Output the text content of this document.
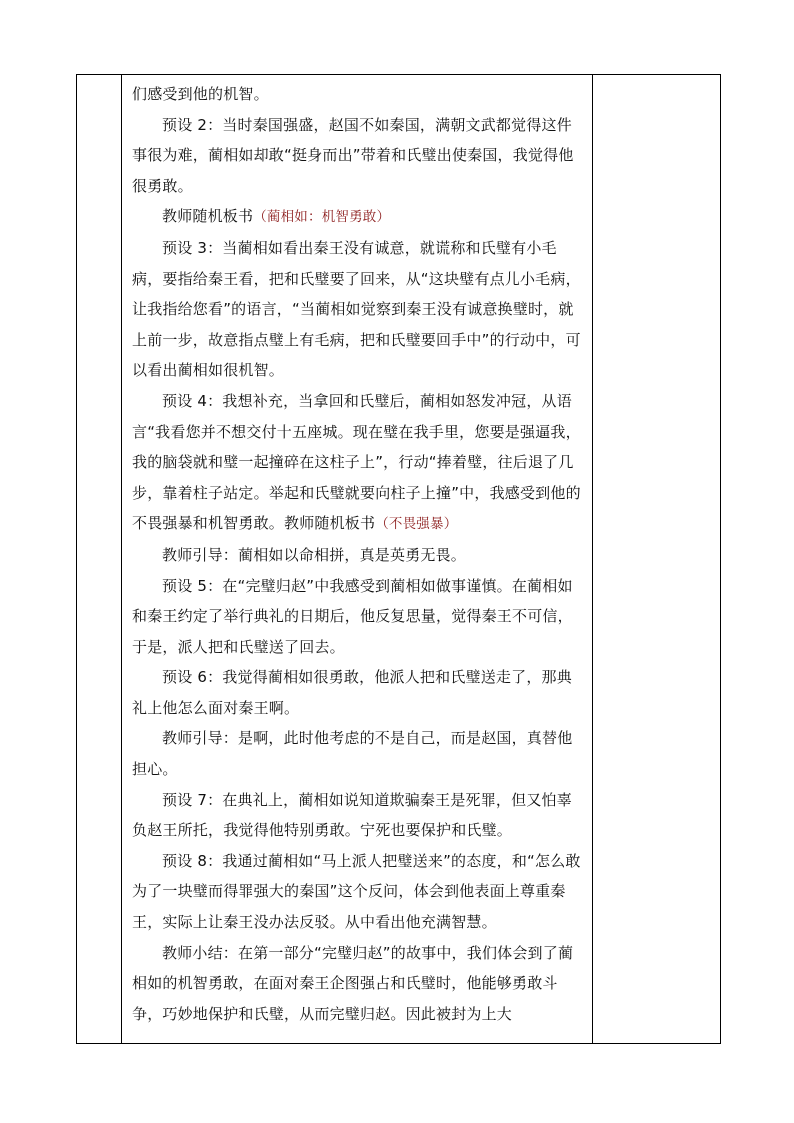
们感受到他的机智。

预设 2：当时秦国强盛，赵国不如秦国，满朝文武都觉得这件事很为难，蔺相如却敢“挺身而出”带着和氏璧出使秦国，我觉得他很勇敢。

教师随机板书（蔺相如：机智勇敢）

预设 3：当蔺相如看出秦王没有诚意，就谎称和氏璧有小毛病，要指给秦王看，把和氏璧要了回来，从“这块璧有点儿小毛病，让我指给您看”的语言，“当蔺相如觉察到秦王没有诚意换璧时，就上前一步，故意指点璧上有毛病，把和氏璧要回手中”的行动中，可以看出蔺相如很机智。

预设 4：我想补充，当拿回和氏璧后，蔺相如怒发冲冠，从语言“我看您并不想交付十五座城。现在璧在我手里，您要是强逼我，我的脑袋就和璧一起撞碎在这柱子上”，行动“捧着璧，往后退了几步，靠着柱子站定。举起和氏璧就要向柱子上撞”中，我感受到他的不畏强暴和机智勇敢。教师随机板书（不畏强暴）

教师引导：蔺相如以命相拼，真是英勇无畏。

预设 5：在“完璧归赵”中我感受到蔺相如做事谨慎。在蔺相如和秦王约定了举行典礼的日期后，他反复思量，觉得秦王不可信，于是，派人把和氏璧送了回去。

预设 6：我觉得蔺相如很勇敢，他派人把和氏璧送走了，那典礼上他怎么面对秦王啊。

教师引导：是啊，此时他考虑的不是自己，而是赵国，真替他担心。

预设 7：在典礼上，蔺相如说知道欺骗秦王是死罪，但又怕辜负赵王所托，我觉得他特别勇敢。宁死也要保护和氏璧。

预设 8：我通过蔺相如“马上派人把璧送来”的态度，和“怎么敢为了一块璧而得罪强大的秦国”这个反问，体会到他表面上尊重秦王，实际上让秦王没办法反驳。从中看出他充满智慧。

教师小结：在第一部分“完璧归赵”的故事中，我们体会到了蔺相如的机智勇敢，在面对秦王企图强占和氏璧时，他能够勇敢斗争，巧妙地保护和氏璧，从而完璧归赵。因此被封为上大
